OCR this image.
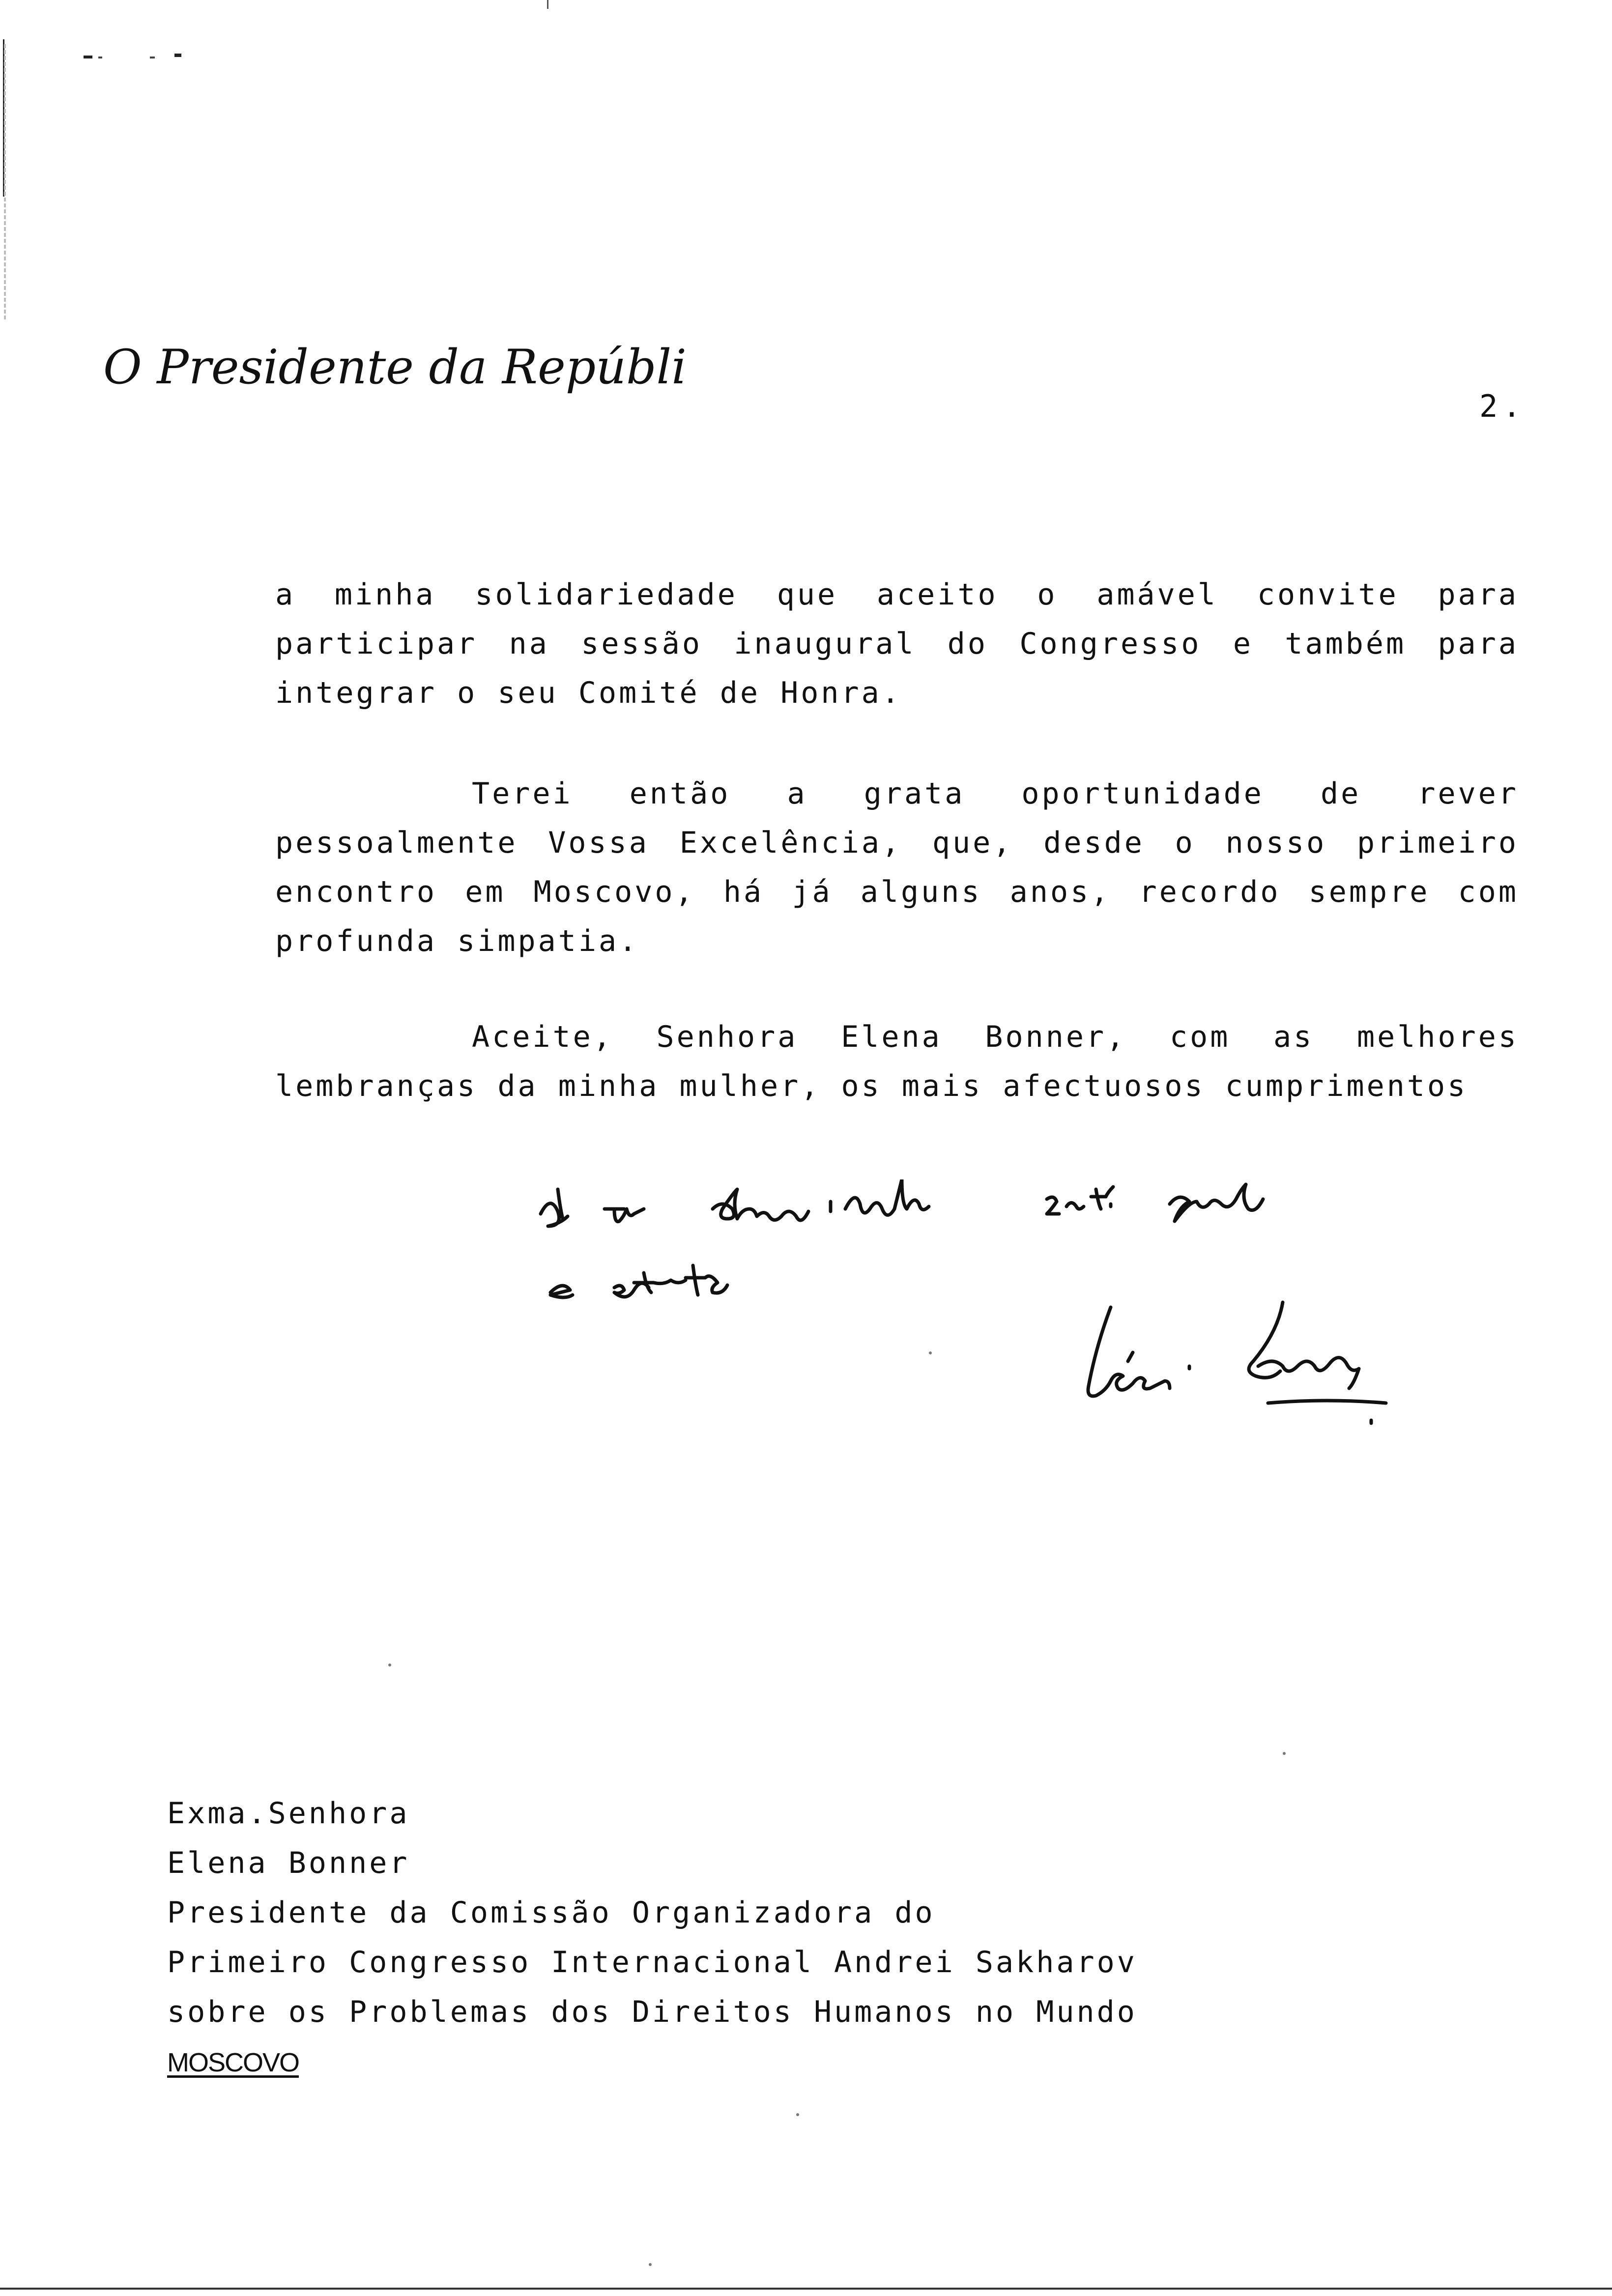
O Presidente da República
2.
a minha solidariedade que aceito o amável convite para
participar na sessão inaugural do Congresso e também para
integrar o seu Comité de Honra.
Terei então a grata oportunidade de rever
pessoalmente Vossa Excelência, que, desde o nosso primeiro
encontro em Moscovo, há já alguns anos, recordo sempre com
profunda simpatia.
Aceite, Senhora Elena Bonner, com as melhores
lembranças da minha mulher, os mais afectuosos cumprimentos
Exma.Senhora
Elena Bonner
Presidente da Comissão Organizadora do
Primeiro Congresso Internacional Andrei Sakharov
sobre os Problemas dos Direitos Humanos no Mundo
MOSCOVO
